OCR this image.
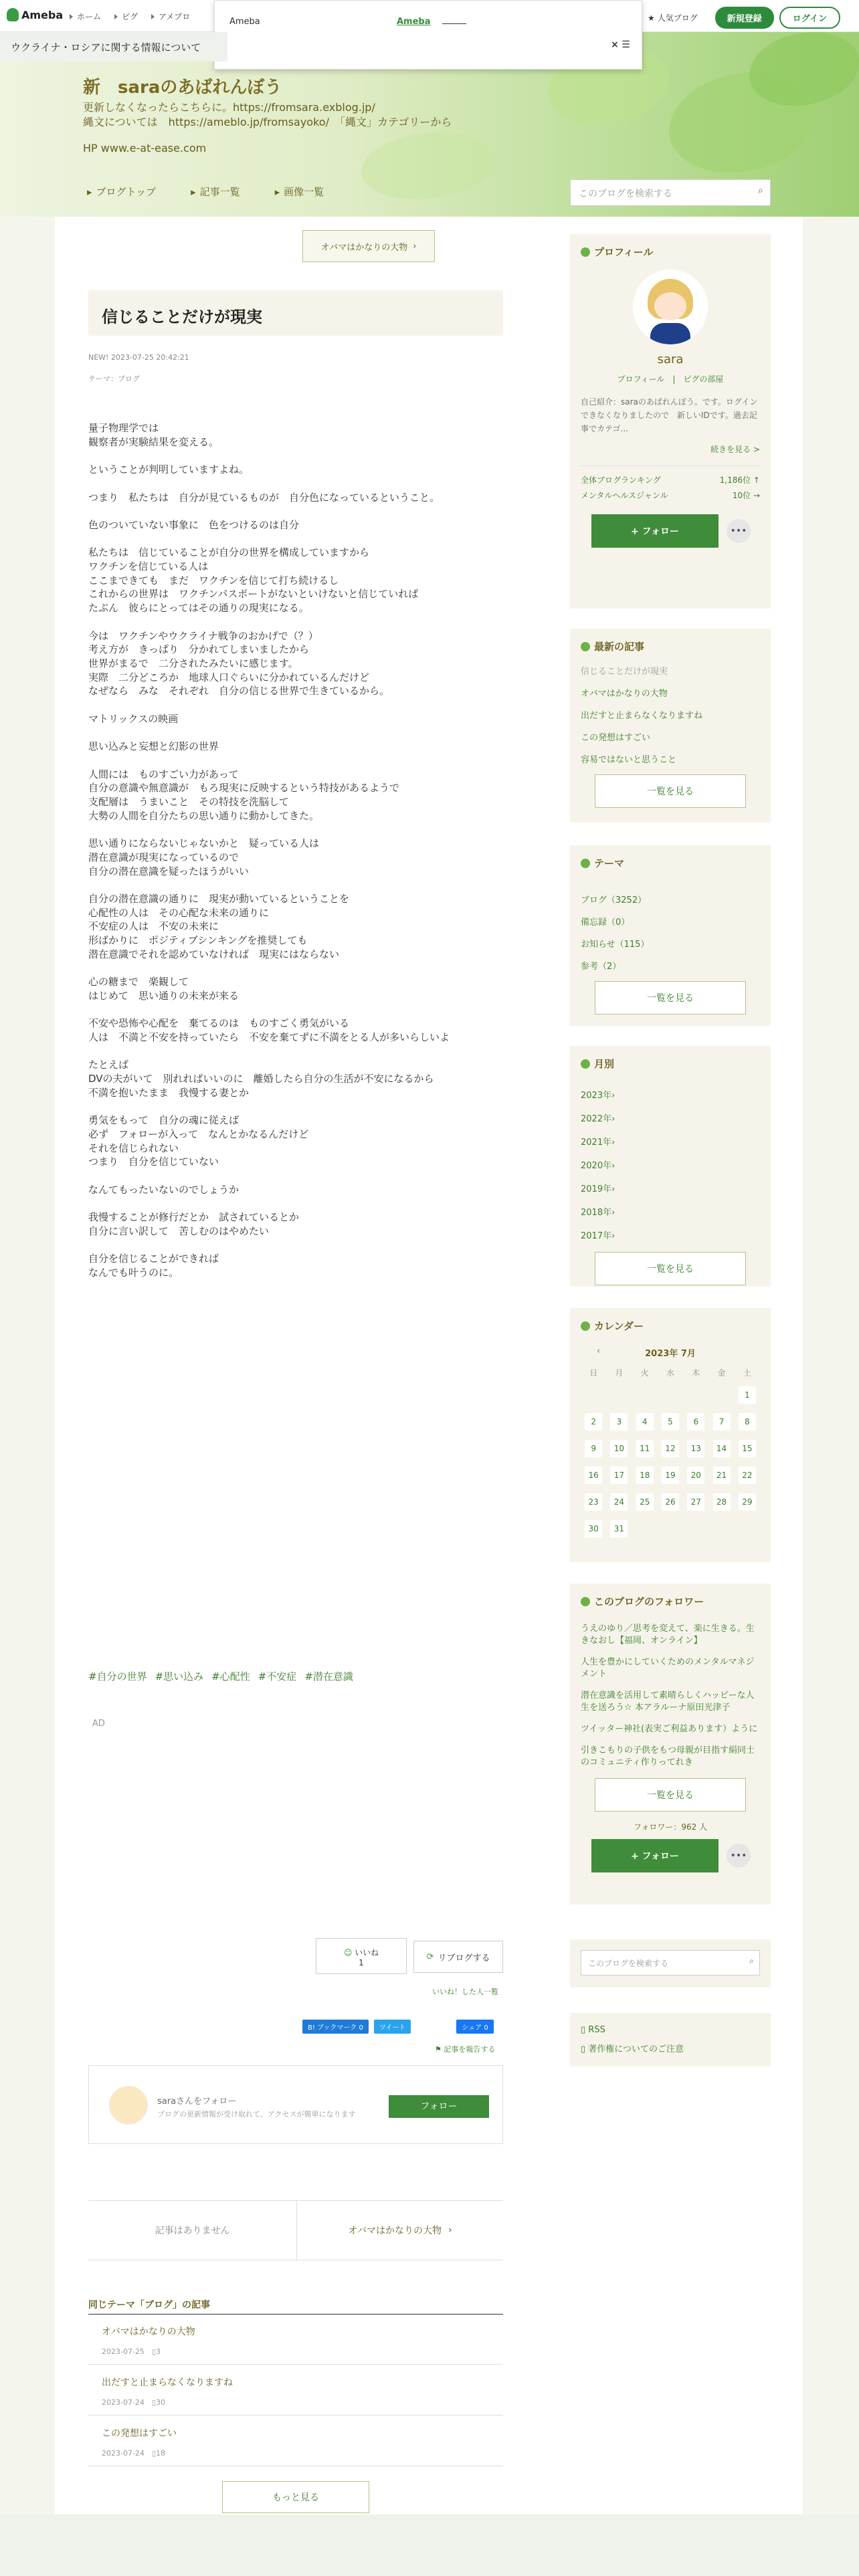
Ameba ホーム	ピグ	アメブロ	★ 人気ブログ	新規登録	ログイン
Ameba	Ameba
× ☰
ウクライナ・ロシアに関する情報について
新　saraのあばれんぼう
更新しなくなったらこちらに。https://fromsara.exblog.jp/
縄文については　https://ameblo.jp/fromsayoko/　「縄文」カテゴリーから
HP www.e-at-ease.com
▸ ブログトップ	▸ 記事一覧	▸ 画像一覧	このブログを検索する	⌕
オバマはかなりの大物 ›
信じることだけが現実
NEW! 2023-07-25 20:42:21
テーマ：ブログ
量子物理学では
観察者が実験結果を変える。

ということが判明していますよね。

つまり　私たちは　自分が見ているものが　自分色になっているということ。

色のついていない事象に　色をつけるのは自分

私たちは　信じていることが自分の世界を構成していますから
ワクチンを信じている人は
ここまできても　まだ　ワクチンを信じて打ち続けるし
これからの世界は　ワクチンパスポートがないといけないと信じていれば
たぶん　彼らにとってはその通りの現実になる。

今は　ワクチンやウクライナ戦争のおかげで（？）
考え方が　きっぱり　分かれてしまいましたから
世界がまるで　二分されたみたいに感じます。
実際　二分どころか　地球人口ぐらいに分かれているんだけど
なぜなら　みな　それぞれ　自分の信じる世界で生きているから。

マトリックスの映画

思い込みと妄想と幻影の世界

人間には　ものすごい力があって
自分の意識や無意識が　もろ現実に反映するという特技があるようで
支配層は　うまいこと　その特技を洗脳して
大勢の人間を自分たちの思い通りに動かしてきた。

思い通りにならないじゃないかと　疑っている人は
潜在意識が現実になっているので
自分の潜在意識を疑ったほうがいい

自分の潜在意識の通りに　現実が動いているということを
心配性の人は　その心配な未来の通りに
不安症の人は　不安の未来に
形ばかりに　ポジティブシンキングを推奨しても
潜在意識でそれを認めていなければ　現実にはならない

心の糖まで　楽観して
はじめて　思い通りの未来が来る

不安や恐怖や心配を　棄てるのは　ものすごく勇気がいる
人は　不満と不安を持っていたら　不安を棄てずに不満をとる人が多いらしいよ

たとえば
DVの夫がいて　別れればいいのに　離婚したら自分の生活が不安になるから
不満を抱いたまま　我慢する妻とか

勇気をもって　自分の魂に従えば
必ず　フォローが入って　なんとかなるんだけど
それを信じられない
つまり　自分を信じていない

なんてもったいないのでしょうか

我慢することが修行だとか　試されているとか
自分に言い訳して　苦しむのはやめたい

自分を信じることができれば
なんでも叶うのに。
#自分の世界 #思い込み #心配性 #不安症 #潜在意識
AD
☺ いいね
1
⟳ リブログする
いいね！した人一覧
B! ブックマーク 0	ツイート	シェア 0
⚑ 記事を報告する
saraさんをフォロー
ブログの更新情報が受け取れて、アクセスが簡単になります
フォロー
記事はありません	オバマはかなりの大物 ›
同じテーマ「ブログ」の記事
オバマはかなりの大物
2023-07-25　 ▯3
出だすと止まらなくなりますね
2023-07-24　 ▯30
この発想はすごい
2023-07-24　 ▯18
もっと見る
プロフィール
sara
プロフィール　|　ピグの部屋
自己紹介：saraのあばれんぼう。です。ログインできなくなりましたので　新しいIDです。過去記事でカテゴ...
続きを見る >
全体ブログランキング	1,186位 ↑
メンタルヘルスジャンル	10位 →
+ フォロー	•••
最新の記事
信じることだけが現実
オバマはかなりの大物
出だすと止まらなくなりますね
この発想はすごい
容易ではないと思うこと
一覧を見る
テーマ
ブログ（3252）
備忘録（0）
お知らせ（115）
参考（2）
一覧を見る
月別
2023年›
2022年›
2021年›
2020年›
2019年›
2018年›
2017年›
一覧を見る
カレンダー
‹	2023年 7月
日	月	火	水	木	金	土
						1
2	3	4	5	6	7	8
9	10	11	12	13	14	15
16	17	18	19	20	21	22
23	24	25	26	27	28	29
30	31					
このブログのフォロワー
うえのゆり／思考を変えて、楽に生きる。生きなおし【福岡、オンライン】
人生を豊かにしていくためのメンタルマネジメント
潜在意識を活用して素晴らしくハッピーな人生を送ろう☆ 本アラルーナ原田光津子
ツイッター神社(表実ご利益あります）ように
引きこもりの子供をもつ母親が目指す絹同士のコミュニティ作りってれき
一覧を見る
フォロワー：962 人
+ フォロー	•••
このブログを検索する	⌕
▯ RSS
▯ 著作権についてのご注意
